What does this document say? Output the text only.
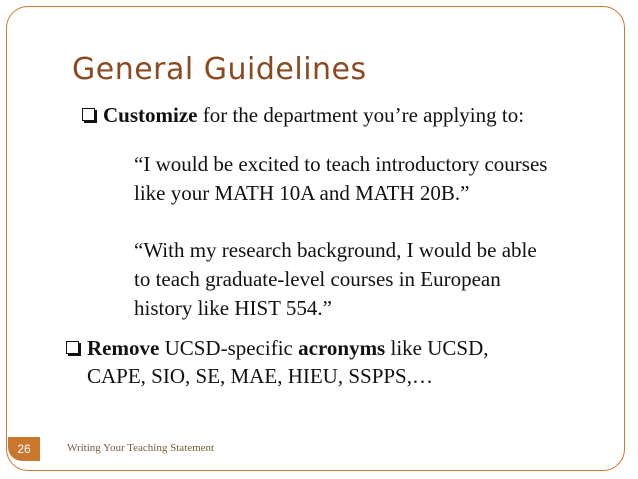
General Guidelines
Customize for the department you’re applying to:
“I would be excited to teach introductory courses
like your MATH 10A and MATH 20B.”
“With my research background, I would be able
to teach graduate-level courses in European
history like HIST 554.”
Remove UCSD-specific acronyms like UCSD,
CAPE, SIO, SE, MAE, HIEU, SSPPS,…
26	Writing Your Teaching Statement
